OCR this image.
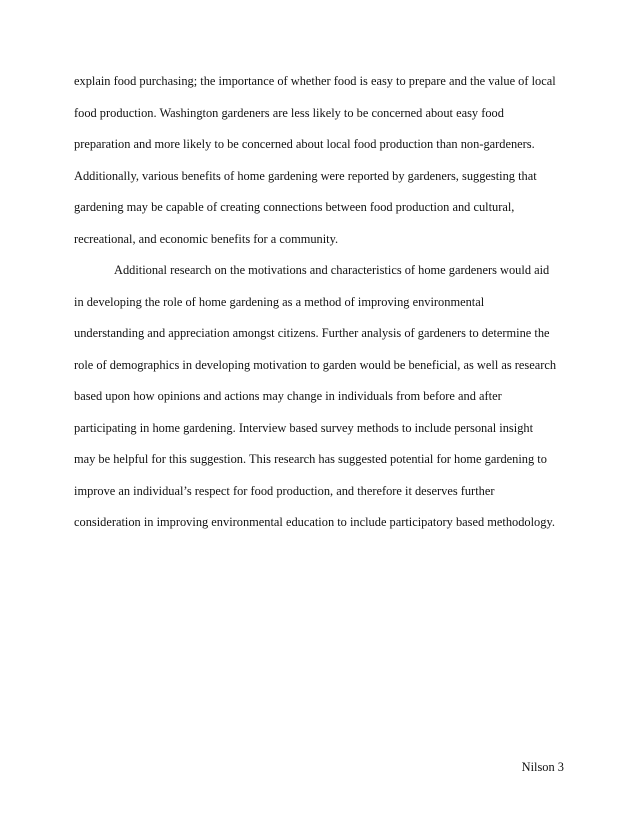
explain food purchasing; the importance of whether food is easy to prepare and the value of local
food production. Washington gardeners are less likely to be concerned about easy food
preparation and more likely to be concerned about local food production than non-gardeners.
Additionally, various benefits of home gardening were reported by gardeners, suggesting that
gardening may be capable of creating connections between food production and cultural,
recreational, and economic benefits for a community.

Additional research on the motivations and characteristics of home gardeners would aid
in developing the role of home gardening as a method of improving environmental
understanding and appreciation amongst citizens. Further analysis of gardeners to determine the
role of demographics in developing motivation to garden would be beneficial, as well as research
based upon how opinions and actions may change in individuals from before and after
participating in home gardening. Interview based survey methods to include personal insight
may be helpful for this suggestion. This research has suggested potential for home gardening to
improve an individual’s respect for food production, and therefore it deserves further
consideration in improving environmental education to include participatory based methodology.

Nilson 3
